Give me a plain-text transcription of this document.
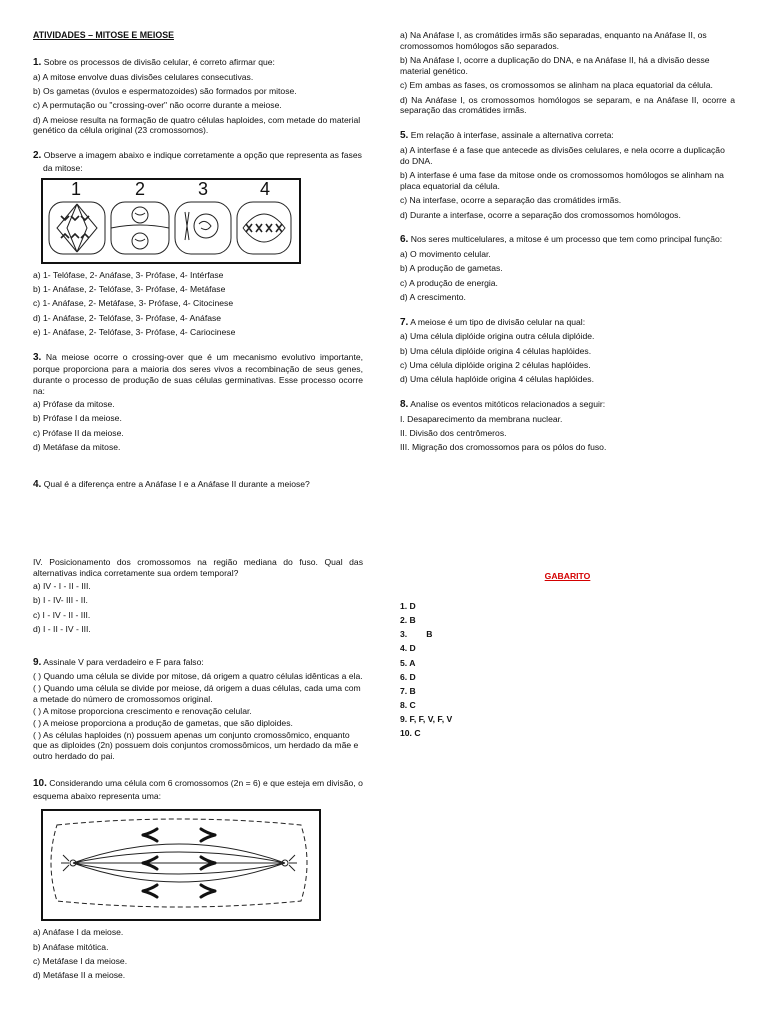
ATIVIDADES – MITOSE E MEIOSE

1. Sobre os processos de divisão celular, é correto afirmar que:

a) A mitose envolve duas divisões celulares consecutivas.

b) Os gametas (óvulos e espermatozoides) são formados por mitose.

c) A permutação ou "crossing-over" não ocorre durante a meiose.

d) A meiose resulta na formação de quatro células haploides, com metade do material genético da célula original (23 cromossomos).

2. Observe a imagem abaixo e indique corretamente a opção que representa as fases da mitose:

1	2	3	4

a) 1- Telófase, 2- Anáfase, 3- Prófase, 4- Intérfase

b) 1- Anáfase, 2- Telófase, 3- Prófase, 4- Metáfase

c) 1- Anáfase, 2- Metáfase, 3- Prófase, 4- Citocinese

d) 1- Anáfase, 2- Telófase, 3- Prófase, 4- Anáfase

e) 1- Anáfase, 2- Telófase, 3- Prófase, 4- Cariocinese

3. Na meiose ocorre o crossing-over que é um mecanismo evolutivo importante, porque proporciona para a maioria dos seres vivos a recombinação de seus genes, durante o processo de produção de suas células germinativas. Esse processo ocorre na:

a) Prófase da mitose.

b) Prófase I da meiose.

c) Prófase II da meiose.

d) Metáfase da mitose.

4. Qual é a diferença entre a Anáfase I e a Anáfase II durante a meiose?

IV. Posicionamento dos cromossomos na região mediana do fuso. Qual das alternativas indica corretamente sua ordem temporal?

a) IV - I - II - III.

b) I - IV- III - II.

c) I - IV - II - III.

d) I - II - IV - III.

9. Assinale V para verdadeiro e F para falso:

( ) Quando uma célula se divide por mitose, dá origem a quatro células idênticas a ela.

( ) Quando uma célula se divide por meiose, dá origem a duas células, cada uma com a metade do número de cromossomos original.

( ) A mitose proporciona crescimento e renovação celular.

( ) A meiose proporciona a produção de gametas, que são diploides.

( ) As células haploides (n) possuem apenas um conjunto cromossômico, enquanto que as diploides (2n) possuem dois conjuntos cromossômicos, um herdado da mãe e outro herdado do pai.

10. Considerando uma célula com 6 cromossomos (2n = 6) e que esteja em divisão, o esquema abaixo representa uma:

a) Anáfase I da meiose.

b) Anáfase mitótica.

c) Metáfase I da meiose.

d) Metáfase II a meiose.

a) Na Anáfase I, as cromátides irmãs são separadas, enquanto na Anáfase II, os cromossomos homólogos são separados.

b) Na Anáfase I, ocorre a duplicação do DNA, e na Anáfase II, há a divisão desse material genético.

c) Em ambas as fases, os cromossomos se alinham na placa equatorial da célula.

d) Na Anáfase I, os cromossomos homólogos se separam, e na Anáfase II, ocorre a separação das cromátides irmãs.

5. Em relação à interfase, assinale a alternativa correta:

a) A interfase é a fase que antecede as divisões celulares, e nela ocorre a duplicação do DNA.

b) A interfase é uma fase da mitose onde os cromossomos homólogos se alinham na placa equatorial da célula.

c) Na interfase, ocorre a separação das cromátides irmãs.

d) Durante a interfase, ocorre a separação dos cromossomos homólogos.

6. Nos seres multicelulares, a mitose é um processo que tem como principal função:

a) O movimento celular.

b) A produção de gametas.

c) A produção de energia.

d) A crescimento.

7. A meiose é um tipo de divisão celular na qual:

a) Uma célula diplóide origina outra célula diplóide.

b) Uma célula diplóide origina 4 células haplóides.

c) Uma célula diplóide origina 2 células haplóides.

d) Uma célula haplóide origina 4 células haplóides.

8. Analise os eventos mitóticos relacionados a seguir:

I. Desaparecimento da membrana nuclear.

II. Divisão dos centrômeros.

III. Migração dos cromossomos para os pólos do fuso.

GABARITO

1. D

2. B

3.        B

4. D

5. A

6. D

7. B

8. C

9. F, F, V, F, V

10. C
